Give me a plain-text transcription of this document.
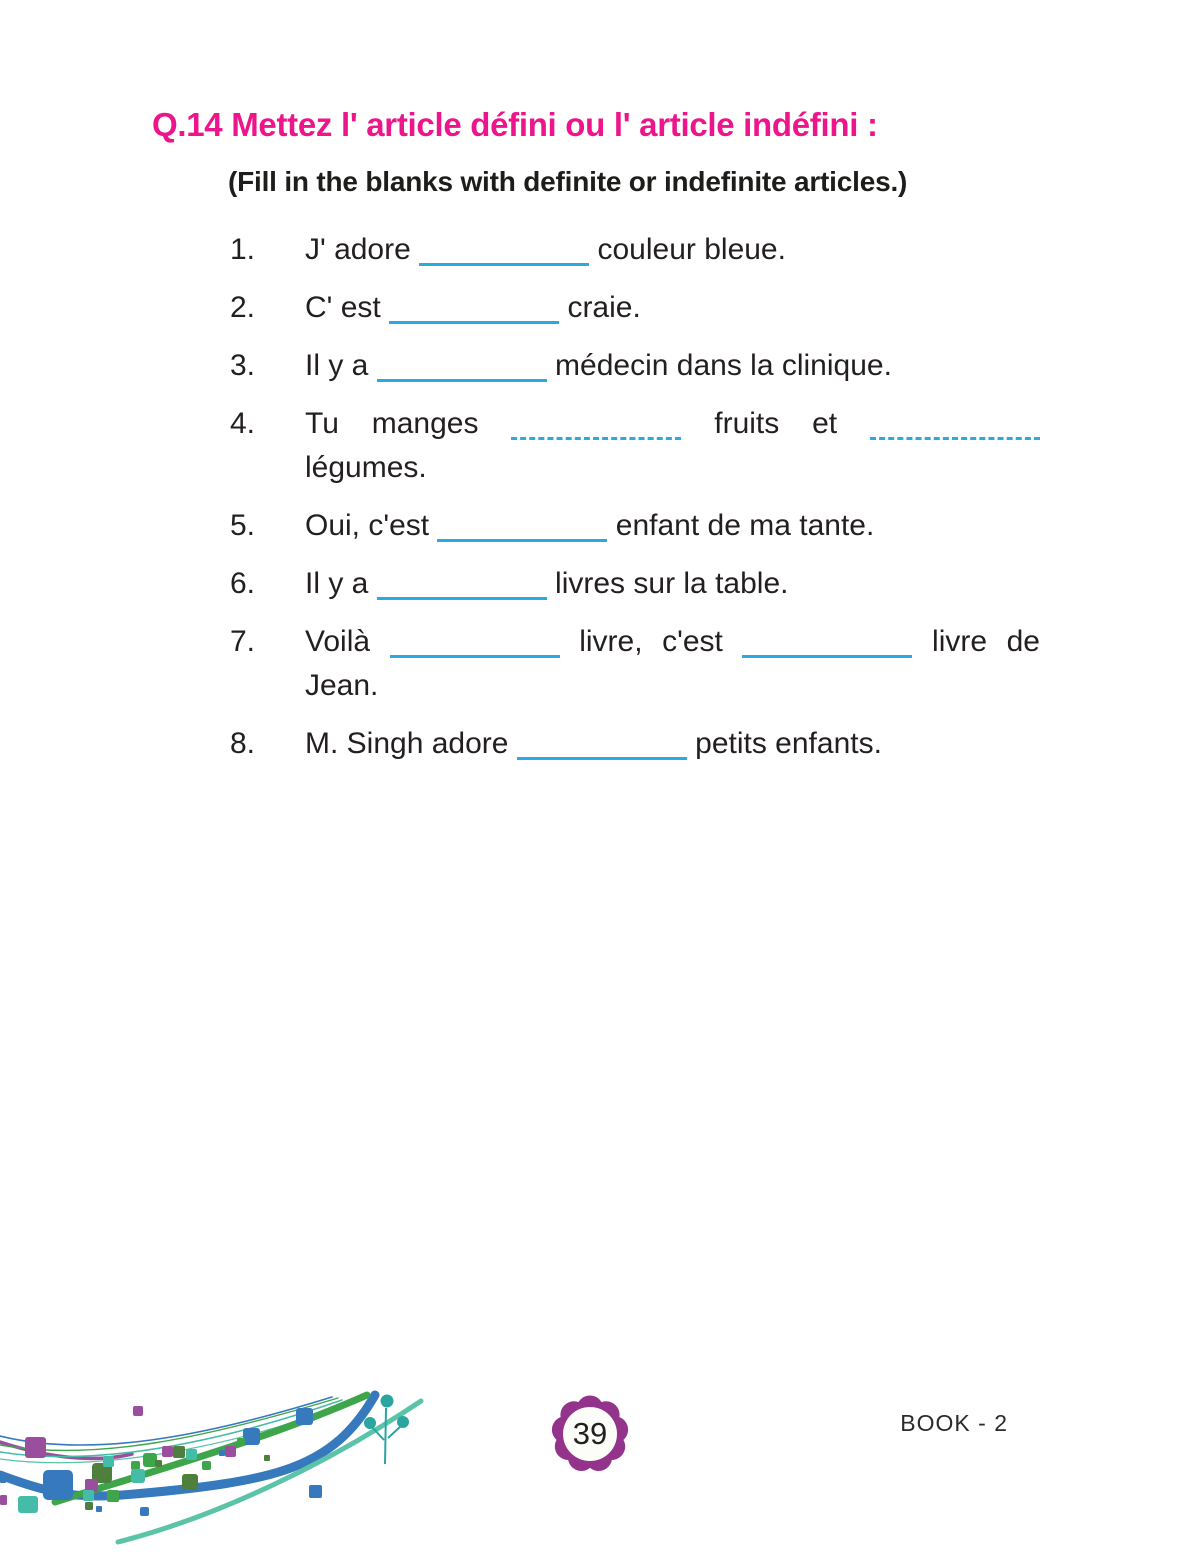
Q.14 Mettez l' article défini ou l' article indéfini :
(Fill in the blanks with definite or indefinite articles.)
1.	J' adore	couleur bleue.

2.	C' est	craie.

3.	Il y a	médecin dans la clinique.

4.	Tu manges	fruits et  légumes.

5.	Oui, c'est	enfant de ma tante.

6.	Il y a	livres sur la table.

7.	Voilà	livre, c'est	livre de Jean.

8.	M. Singh adore	petits enfants.

39	BOOK - 2
